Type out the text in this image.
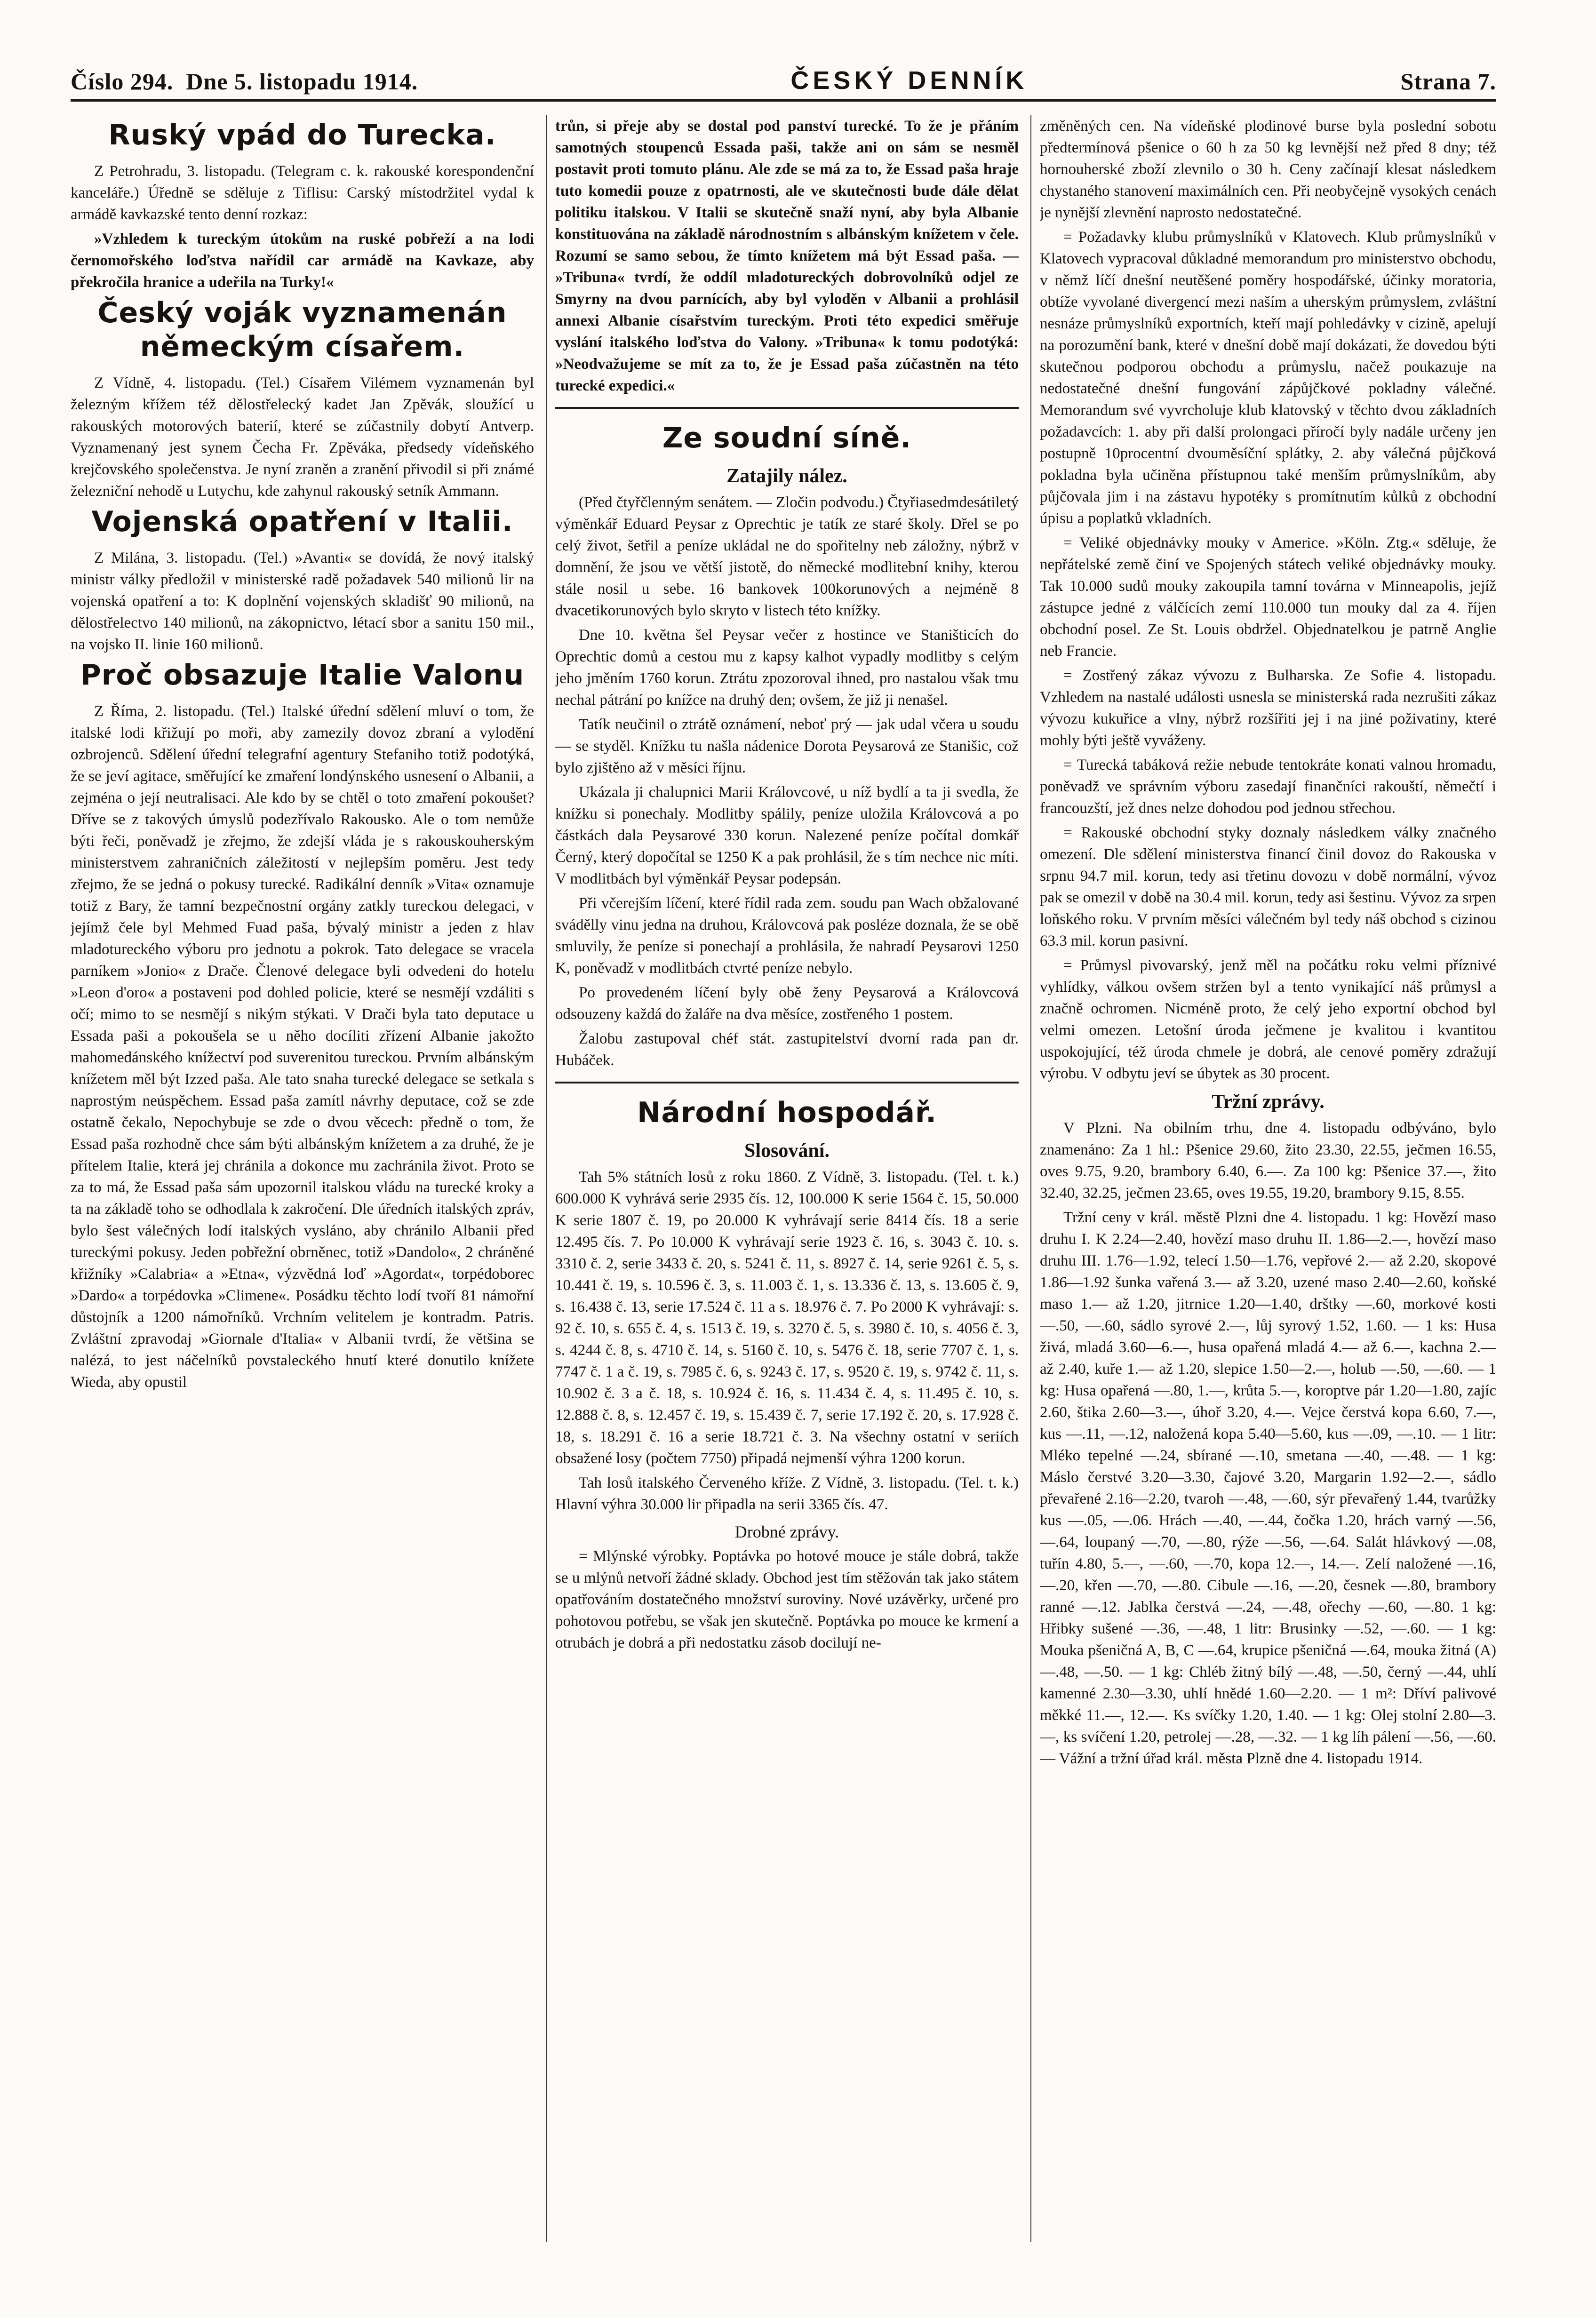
Číslo 294. Dne 5. listopadu 1914.	ČESKÝ DENNÍK	Strana 7.
Ruský vpád do Turecka.

Z Petrohradu, 3. listopadu. (Telegram c. k. rakouské korespondenční kanceláře.) Úředně se sděluje z Tiflisu: Carský místodržitel vydal k armádě kavkazské tento denní rozkaz:

»Vzhledem k tureckým útokům na ruské pobřeží a na lodi černomořského loďstva nařídil car armádě na Kavkaze, aby překročila hranice a udeřila na Turky!«

Český voják vyznamenán německým císařem.

Z Vídně, 4. listopadu. (Tel.) Císařem Vilémem vyznamenán byl železným křížem též dělostřelecký kadet Jan Zpěvák, sloužící u rakouských motorových baterií, které se zúčastnily dobytí Antverp. Vyznamenaný jest synem Čecha Fr. Zpěváka, předsedy vídeňského krejčovského společenstva. Je nyní zraněn a zranění přivodil si při známé železniční nehodě u Lutychu, kde zahynul rakouský setník Ammann.

Vojenská opatření v Italii.

Z Milána, 3. listopadu. (Tel.) »Avanti« se dovídá, že nový italský ministr války předložil v ministerské radě požadavek 540 milionů lir na vojenská opatření a to: K doplnění vojenských skladišť 90 milionů, na dělostřelectvo 140 milionů, na zákopnictvo, létací sbor a sanitu 150 mil., na vojsko II. linie 160 milionů.

Proč obsazuje Italie Valonu

Z Říma, 2. listopadu. (Tel.) Italské úřední sdělení mluví o tom, že italské lodi křižují po moři, aby zamezily dovoz zbraní a vylodění ozbrojenců. Sdělení úřední telegrafní agentury Stefaniho totiž podotýká, že se jeví agitace, směřující ke zmaření londýnského usnesení o Albanii, a zejména o její neutralisaci. Ale kdo by se chtěl o toto zmaření pokoušet? Dříve se z takových úmyslů podezřívalo Rakousko. Ale o tom nemůže býti řeči, poněvadž je zřejmo, že zdejší vláda je s rakouskouherským ministerstvem zahraničních záležitostí v nejlepším poměru. Jest tedy zřejmo, že se jedná o pokusy turecké. Radikální denník »Vita« oznamuje totiž z Bary, že tamní bezpečnostní orgány zatkly tureckou delegaci, v jejímž čele byl Mehmed Fuad paša, bývalý ministr a jeden z hlav mladotureckého výboru pro jednotu a pokrok. Tato delegace se vracela parníkem »Jonio« z Drače. Členové delegace byli odvedeni do hotelu »Leon d'oro« a postaveni pod dohled policie, které se nesmějí vzdáliti s očí; mimo to se nesmějí s nikým stýkati. V Drači byla tato deputace u Essada paši a pokoušela se u něho docíliti zřízení Albanie jakožto mahomedánského knížectví pod suverenitou tureckou. Prvním albánským knížetem měl být Izzed paša. Ale tato snaha turecké delegace se setkala s naprostým neúspěchem. Essad paša zamítl návrhy deputace, což se zde ostatně čekalo, Nepochybuje se zde o dvou věcech: předně o tom, že Essad paša rozhodně chce sám býti albánským knížetem a za druhé, že je přítelem Italie, která jej chránila a dokonce mu zachránila život. Proto se za to má, že Essad paša sám upozornil italskou vládu na turecké kroky a ta na základě toho se odhodlala k zakročení. Dle úředních italských zpráv, bylo šest válečných lodí italských vysláno, aby chránilo Albanii před tureckými pokusy. Jeden pobřežní obrněnec, totiž »Dandolo«, 2 chráněné křižníky »Calabria« a »Etna«, výzvědná loď »Agordat«, torpédoborec »Dardo« a torpédovka »Climene«. Posádku těchto lodí tvoří 81 námořní důstojník a 1200 námořníků. Vrchním velitelem je kontradm. Patris. Zvláštní zpravodaj »Giornale d'Italia« v Albanii tvrdí, že většina se nalézá, to jest náčelníků povstaleckého hnutí které donutilo knížete Wieda, aby opustil

trůn, si přeje aby se dostal pod panství turecké. To že je přáním samotných stoupenců Essada paši, takže ani on sám se nesměl postavit proti tomuto plánu. Ale zde se má za to, že Essad paša hraje tuto komedii pouze z opatrnosti, ale ve skutečnosti bude dále dělat politiku italskou. V Italii se skutečně snaží nyní, aby byla Albanie konstituována na základě národnostním s albánským knížetem v čele. Rozumí se samo sebou, že tímto knížetem má být Essad paša. — »Tribuna« tvrdí, že oddíl mladotureckých dobrovolníků odjel ze Smyrny na dvou parnících, aby byl vyloděn v Albanii a prohlásil annexi Albanie císařstvím tureckým. Proti této expedici směřuje vyslání italského loďstva do Valony. »Tribuna« k tomu podotýká: »Neodvažujeme se mít za to, že je Essad paša zúčastněn na této turecké expedici.«

Ze soudní síně.
Zatajily nález.

(Před čtyřčlenným senátem. — Zločin podvodu.) Čtyřiasedmdesátiletý výměnkář Eduard Peysar z Oprechtic je tatík ze staré školy. Dřel se po celý život, šetřil a peníze ukládal ne do spořitelny neb záložny, nýbrž v domnění, že jsou ve větší jistotě, do německé modlitební knihy, kterou stále nosil u sebe. 16 bankovek 100korunových a nejméně 8 dvacetikorunových bylo skryto v listech této knížky.

Dne 10. května šel Peysar večer z hostince ve Staništicích do Oprechtic domů a cestou mu z kapsy kalhot vypadly modlitby s celým jeho jměním 1760 korun. Ztrátu zpozoroval ihned, pro nastalou však tmu nechal pátrání po knížce na druhý den; ovšem, že již ji nenašel.

Tatík neučinil o ztrátě oznámení, neboť prý — jak udal včera u soudu — se styděl. Knížku tu našla nádenice Dorota Peysarová ze Stanišic, což bylo zjištěno až v měsíci říjnu.

Ukázala ji chalupnici Marii Královcové, u níž bydlí a ta ji svedla, že knížku si ponechaly. Modlitby spálily, peníze uložila Královcová a po částkách dala Peysarové 330 korun. Nalezené peníze počítal domkář Černý, který dopočítal se 1250 K a pak prohlásil, že s tím nechce nic míti. V modlitbách byl výměnkář Peysar podepsán.

Při včerejším líčení, které řídil rada zem. soudu pan Wach obžalované svádělly vinu jedna na druhou, Královcová pak posléze doznala, že se obě smluvily, že peníze si ponechají a prohlásila, že nahradí Peysarovi 1250 K, poněvadž v modlitbách ctvrté peníze nebylo.

Po provedeném líčení byly obě ženy Peysarová a Královcová odsouzeny každá do žaláře na dva měsíce, zostřeného 1 postem.

Žalobu zastupoval chéf stát. zastupitelství dvorní rada pan dr. Hubáček.

Národní hospodář.
Slosování.

Tah 5% státních losů z roku 1860. Z Vídně, 3. listopadu. (Tel. t. k.) 600.000 K vyhrává serie 2935 čís. 12, 100.000 K serie 1564 č. 15, 50.000 K serie 1807 č. 19, po 20.000 K vyhrávají serie 8414 čís. 18 a serie 12.495 čís. 7. Po 10.000 K vyhrávají serie 1923 č. 16, s. 3043 č. 10. s. 3310 č. 2, serie 3433 č. 20, s. 5241 č. 11, s. 8927 č. 14, serie 9261 č. 5, s. 10.441 č. 19, s. 10.596 č. 3, s. 11.003 č. 1, s. 13.336 č. 13, s. 13.605 č. 9, s. 16.438 č. 13, serie 17.524 č. 11 a s. 18.976 č. 7. Po 2000 K vyhrávají: s. 92 č. 10, s. 655 č. 4, s. 1513 č. 19, s. 3270 č. 5, s. 3980 č. 10, s. 4056 č. 3, s. 4244 č. 8, s. 4710 č. 14, s. 5160 č. 10, s. 5476 č. 18, serie 7707 č. 1, s. 7747 č. 1 a č. 19, s. 7985 č. 6, s. 9243 č. 17, s. 9520 č. 19, s. 9742 č. 11, s. 10.902 č. 3 a č. 18, s. 10.924 č. 16, s. 11.434 č. 4, s. 11.495 č. 10, s. 12.888 č. 8, s. 12.457 č. 19, s. 15.439 č. 7, serie 17.192 č. 20, s. 17.928 č. 18, s. 18.291 č. 16 a serie 18.721 č. 3. Na všechny ostatní v seriích obsažené losy (počtem 7750) připadá nejmenší výhra 1200 korun.

Tah losů italského Červeného kříže. Z Vídně, 3. listopadu. (Tel. t. k.) Hlavní výhra 30.000 lir připadla na serii 3365 čís. 47.

Drobné zprávy.

= Mlýnské výrobky. Poptávka po hotové mouce je stále dobrá, takže se u mlýnů netvoří žádné sklady. Obchod jest tím stěžován tak jako státem opatřováním dostatečného množství suroviny. Nové uzávěrky, určené pro pohotovou potřebu, se však jen skutečně. Poptávka po mouce ke krmení a otrubách je dobrá a při nedostatku zásob docilují ne-

změněných cen. Na vídeňské plodinové burse byla poslední sobotu předtermínová pšenice o 60 h za 50 kg levnější než před 8 dny; též hornouherské zboží zlevnilo o 30 h. Ceny začínají klesat následkem chystaného stanovení maximálních cen. Při neobyčejně vysokých cenách je nynější zlevnění naprosto nedostatečné.

= Požadavky klubu průmyslníků v Klatovech. Klub průmyslníků v Klatovech vypracoval důkladné memorandum pro ministerstvo obchodu, v němž líčí dnešní neutěšené poměry hospodářské, účinky moratoria, obtíže vyvolané divergencí mezi naším a uherským průmyslem, zvláštní nesnáze průmyslníků exportních, kteří mají pohledávky v cizině, apelují na porozumění bank, které v dnešní době mají dokázati, že dovedou býti skutečnou podporou obchodu a průmyslu, načež poukazuje na nedostatečné dnešní fungování zápůjčkové pokladny válečné. Memorandum své vyvrcholuje klub klatovský v těchto dvou základních požadavcích: 1. aby při další prolongaci příročí byly nadále určeny jen postupně 10procentní dvouměsíční splátky, 2. aby válečná půjčková pokladna byla učiněna přístupnou také menším průmyslníkům, aby půjčovala jim i na zástavu hypotéky s promítnutím kůlků z obchodní úpisu a poplatků vkladních.

= Veliké objednávky mouky v Americe. »Köln. Ztg.« sděluje, že nepřátelské země činí ve Spojených státech veliké objednávky mouky. Tak 10.000 sudů mouky zakoupila tamní továrna v Minneapolis, jejíž zástupce jedné z válčících zemí 110.000 tun mouky dal za 4. říjen obchodní posel. Ze St. Louis obdržel. Objednatelkou je patrně Anglie neb Francie.

= Zostřený zákaz vývozu z Bulharska. Ze Sofie 4. listopadu. Vzhledem na nastalé události usnesla se ministerská rada nezrušiti zákaz vývozu kukuřice a vlny, nýbrž rozšířiti jej i na jiné poživatiny, které mohly býti ještě vyváženy.

= Turecká tabáková režie nebude tentokráte konati valnou hromadu, poněvadž ve správním výboru zasedají finančníci rakouští, němečtí i francouzští, jež dnes nelze dohodou pod jednou střechou.

= Rakouské obchodní styky doznaly následkem války značného omezení. Dle sdělení ministerstva financí činil dovoz do Rakouska v srpnu 94.7 mil. korun, tedy asi třetinu dovozu v době normální, vývoz pak se omezil v době na 30.4 mil. korun, tedy asi šestinu. Vývoz za srpen loňského roku. V prvním měsíci válečném byl tedy náš obchod s cizinou 63.3 mil. korun pasivní.

= Průmysl pivovarský, jenž měl na počátku roku velmi příznivé vyhlídky, válkou ovšem stržen byl a tento vynikající náš průmysl a značně ochromen. Nicméně proto, že celý jeho exportní obchod byl velmi omezen. Letošní úroda ječmene je kvalitou i kvantitou uspokojující, též úroda chmele je dobrá, ale cenové poměry zdražují výrobu. V odbytu jeví se úbytek as 30 procent.

Tržní zprávy.

V Plzni. Na obilním trhu, dne 4. listopadu odbýváno, bylo znamenáno: Za 1 hl.: Pšenice 29.60, žito 23.30, 22.55, ječmen 16.55, oves 9.75, 9.20, brambory 6.40, 6.—. Za 100 kg: Pšenice 37.—, žito 32.40, 32.25, ječmen 23.65, oves 19.55, 19.20, brambory 9.15, 8.55.

Tržní ceny v král. městě Plzni dne 4. listopadu. 1 kg: Hovězí maso druhu I. K 2.24—2.40, hovězí maso druhu II. 1.86—2.—, hovězí maso druhu III. 1.76—1.92, telecí 1.50—1.76, vepřové 2.— až 2.20, skopové 1.86—1.92 šunka vařená 3.— až 3.20, uzené maso 2.40—2.60, koňské maso 1.— až 1.20, jitrnice 1.20—1.40, drštky —.60, morkové kosti —.50, —.60, sádlo syrové 2.—, lůj syrový 1.52, 1.60. — 1 ks: Husa živá, mladá 3.60—6.—, husa opařená mladá 4.— až 6.—, kachna 2.— až 2.40, kuře 1.— až 1.20, slepice 1.50—2.—, holub —.50, —.60. — 1 kg: Husa opařená —.80, 1.—, krůta 5.—, koroptve pár 1.20—1.80, zajíc 2.60, štika 2.60—3.—, úhoř 3.20, 4.—. Vejce čerstvá kopa 6.60, 7.—, kus —.11, —.12, naložená kopa 5.40—5.60, kus —.09, —.10. — 1 litr: Mléko tepelné —.24, sbírané —.10, smetana —.40, —.48. — 1 kg: Máslo čerstvé 3.20—3.30, čajové 3.20, Margarin 1.92—2.—, sádlo převařené 2.16—2.20, tvaroh —.48, —.60, sýr převařený 1.44, tvarůžky kus —.05, —.06. Hrách —.40, —.44, čočka 1.20, hrách varný —.56, —.64, loupaný —.70, —.80, rýže —.56, —.64. Salát hlávkový —.08, tuřín 4.80, 5.—, —.60, —.70, kopa 12.—, 14.—. Zelí naložené —.16, —.20, křen —.70, —.80. Cibule —.16, —.20, česnek —.80, brambory ranné —.12. Jablka čerstvá —.24, —.48, ořechy —.60, —.80. 1 kg: Hřibky sušené —.36, —.48, 1 litr: Brusinky —.52, —.60. — 1 kg: Mouka pšeničná A, B, C —.64, krupice pšeničná —.64, mouka žitná (A) —.48, —.50. — 1 kg: Chléb žitný bílý —.48, —.50, černý —.44, uhlí kamenné 2.30—3.30, uhlí hnědé 1.60—2.20. — 1 m²: Dříví palivové měkké 11.—, 12.—. Ks svíčky 1.20, 1.40. — 1 kg: Olej stolní 2.80—3.—, ks svíčení 1.20, petrolej —.28, —.32. — 1 kg líh pálení —.56, —.60. — Vážní a tržní úřad král. města Plzně dne 4. listopadu 1914.
